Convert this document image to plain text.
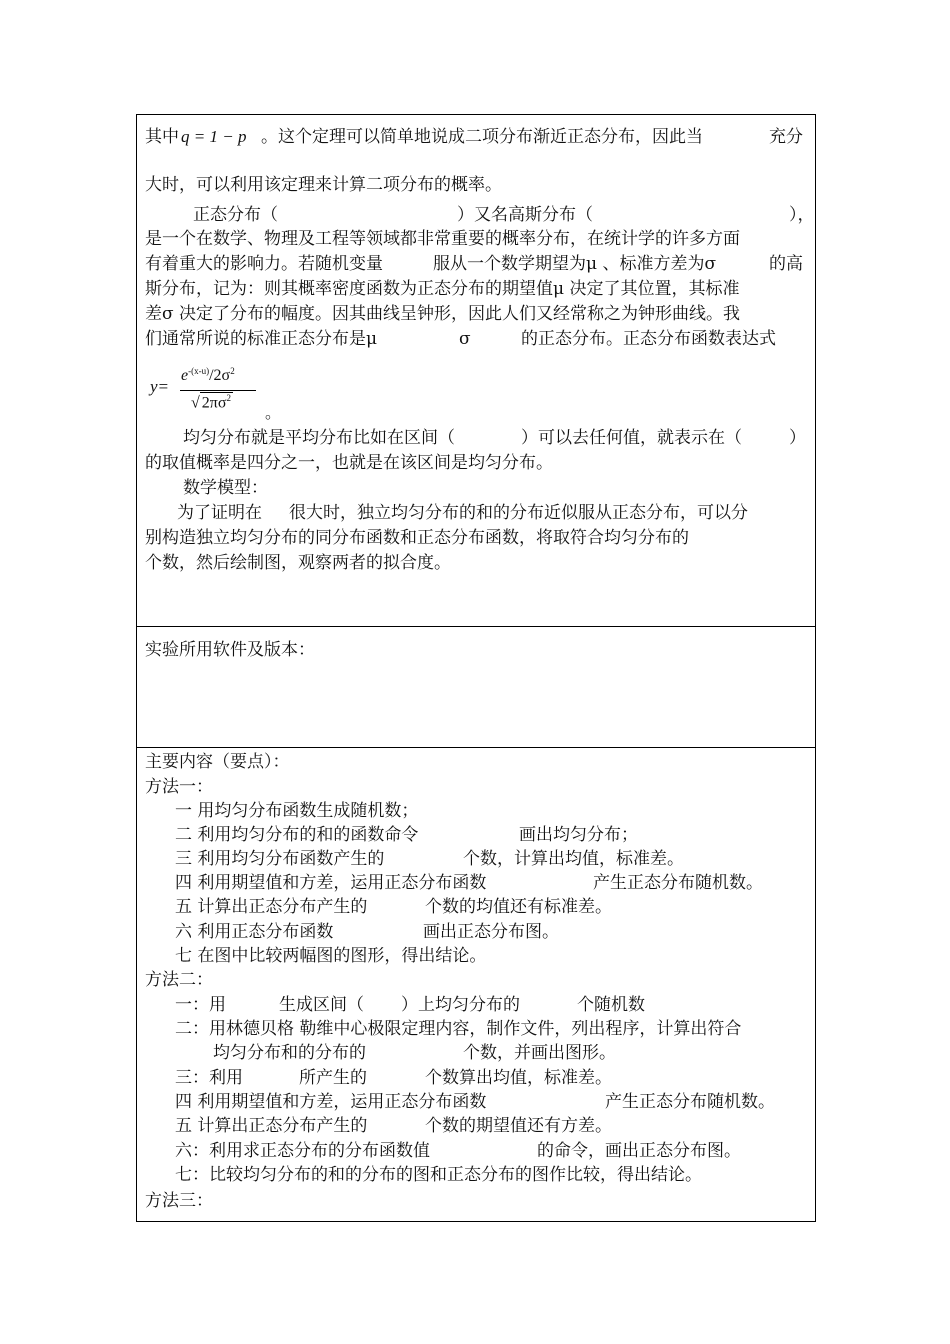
其中 q = 1 − p 。这个定理可以简单地说成二项分布渐近正态分布，因此当	充分
大时，可以利用该定理来计算二项分布的概率。
正态分布（	）又名高斯分布（	），
是一个在数学、物理及工程等领域都非常重要的概率分布，在统计学的许多方面
有着重大的影响力。若随机变量	服从一个数学期望为μ 、标准方差为σ	的高
斯分布，记为：则其概率密度函数为正态分布的期望值μ 决定了其位置，其标准
差σ 决定了分布的幅度。因其曲线呈钟形，因此人们又经常称之为钟形曲线。我
们通常所说的标准正态分布是μ	σ	的正态分布。正态分布函数表达式
y=
$e^{-(x-u)}/2\sigma^2$
√ $2\pi\sigma^2$
。
均匀分布就是平均分布比如在区间（	）可以去任何值，就表示在（	）
的取值概率是四分之一，也就是在该区间是均匀分布。
数学模型：
为了证明在 很大时，独立均匀分布的和的分布近似服从正态分布，可以分
别构造独立均匀分布的同分布函数和正态分布函数，将取符合均匀分布的
个数，然后绘制图，观察两者的拟合度。
实验所用软件及版本：
主要内容（要点）：
方法一：
一 用均匀分布函数生成随机数；
二 利用均匀分布的和的函数命令	画出均匀分布；
三 利用均匀分布函数产生的	个数，计算出均值，标准差。
四 利用期望值和方差，运用正态分布函数	产生正态分布随机数。
五 计算出正态分布产生的	个数的均值还有标准差。
六 利用正态分布函数	画出正态分布图。
七 在图中比较两幅图的图形，得出结论。
方法二：
一：用	生成区间（ ）上均匀分布的	个随机数
二：用林德贝格 勒维中心极限定理内容，制作文件，列出程序，计算出符合
均匀分布和的分布的	个数，并画出图形。
三：利用	所产生的	个数算出均值，标准差。
四 利用期望值和方差，运用正态分布函数	产生正态分布随机数。
五 计算出正态分布产生的	个数的期望值还有方差。
六：利用求正态分布的分布函数值	的命令，画出正态分布图。
七：比较均匀分布的和的分布的图和正态分布的图作比较，得出结论。
方法三：
